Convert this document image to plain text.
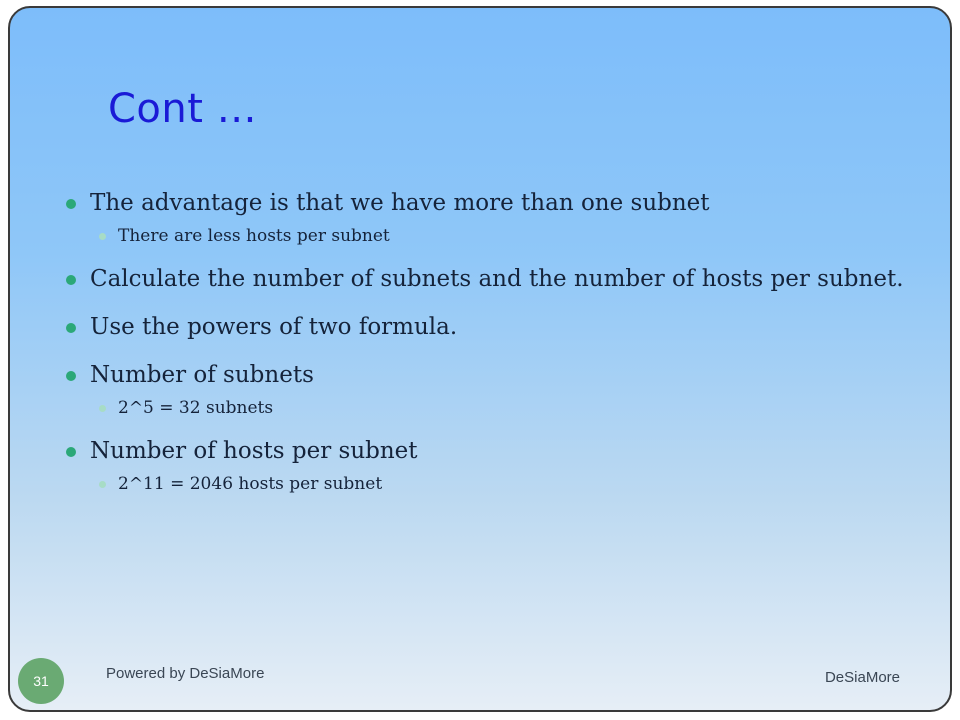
Cont …
The advantage is that we have more than one subnet
There are less hosts per subnet
Calculate the number of subnets and the number of hosts per subnet.
Use the powers of two formula.
Number of subnets
2^5 = 32 subnets
Number of hosts per subnet
2^11 = 2046 hosts per subnet
31	Powered by DeSiaMore	DeSiaMore
